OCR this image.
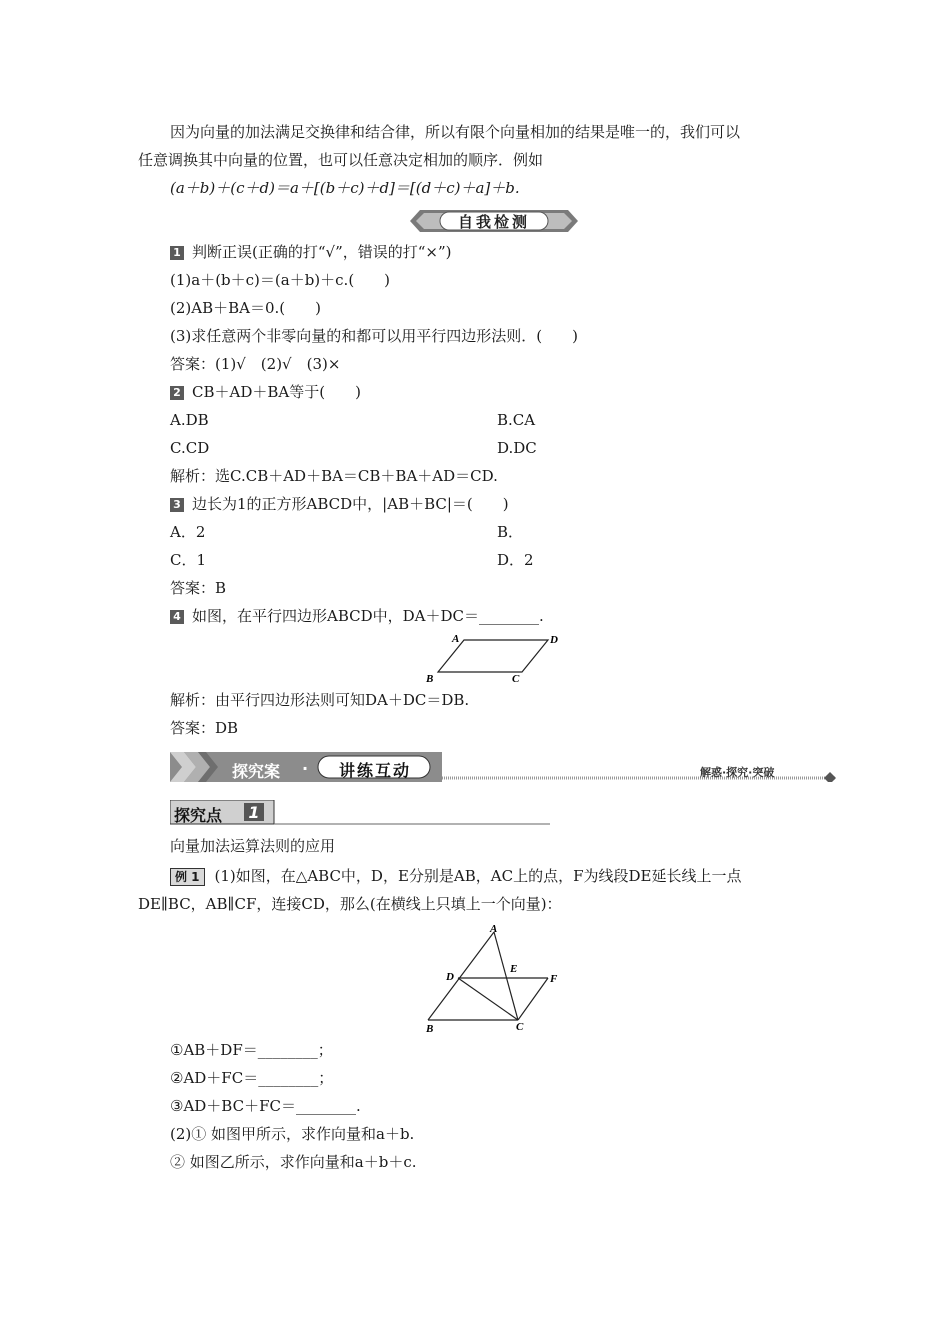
因为向量的加法满足交换律和结合律，所以有限个向量相加的结果是唯一的，我们可以
任意调换其中向量的位置，也可以任意决定相加的顺序．例如
(a＋b)＋(c＋d)＝a＋[(b＋c)＋d]＝[(d＋c)＋a]＋b.
自我检测
1 判断正误(正确的打“√”，错误的打“×”)
(1)a＋(b＋c)＝(a＋b)＋c.(　　)
(2)AB＋BA＝0.(　　)
(3)求任意两个非零向量的和都可以用平行四边形法则．(　　)
答案：(1)√　(2)√　(3)×
2 CB＋AD＋BA等于(　　)
A.DB	B.CA
C.CD	D.DC
解析：选C.CB＋AD＋BA＝CB＋BA＋AD＝CD.
3 边长为1的正方形ABCD中，|AB＋BC|＝(　　)
A．2	B．
C．1	D．2
答案：B
4 如图，在平行四边形ABCD中，DA＋DC＝________.
A	D
B	C
解析：由平行四边形法则可知DA＋DC＝DB.
答案：DB
探究案 ·	讲练互动	解惑·探究·突破
探究点 1
向量加法运算法则的应用
例 1 (1)如图，在△ABC中，D，E分别是AB，AC上的点，F为线段DE延长线上一点
DE∥BC，AB∥CF，连接CD，那么(在横线上只填上一个向量)：
A
D
E
F
B	C
①AB＋DF＝________；
②AD＋FC＝________；
③AD＋BC＋FC＝________.
(2)① 如图甲所示，求作向量和a＋b.
② 如图乙所示，求作向量和a＋b＋c.
